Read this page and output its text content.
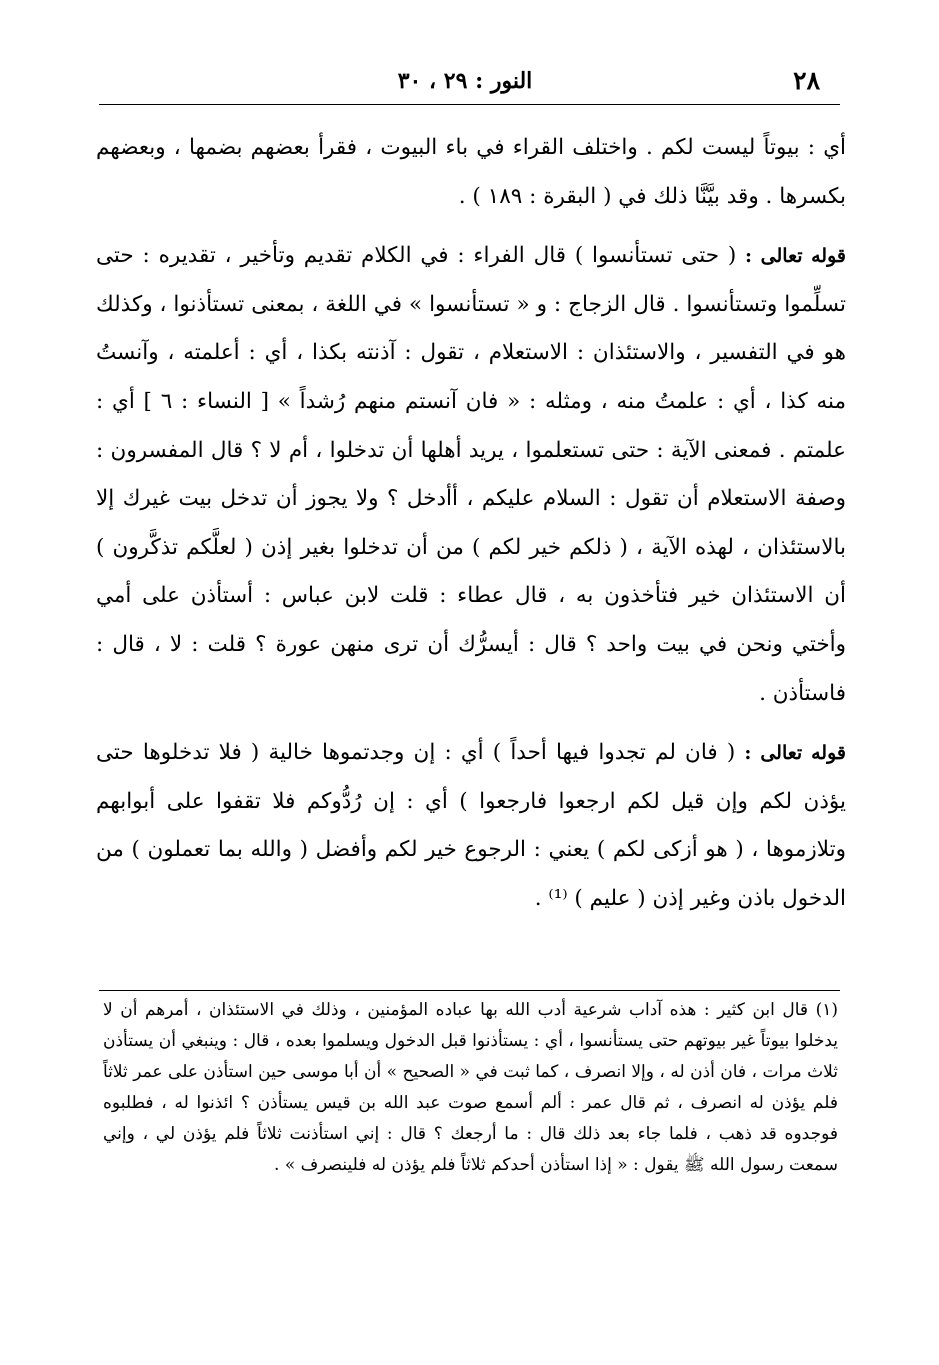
٢٨
النور : ٢٩ ، ٣٠

أي : بيوتاً ليست لكم . واختلف القراء في باء البيوت ، فقرأ بعضهم بضمها ، وبعضهم بكسرها . وقد بيَّنَّا ذلك في ( البقرة : ١٨٩ ) .

قوله تعالى : ( حتى تستأنسوا ) قال الفراء : في الكلام تقديم وتأخير ، تقديره : حتى تسلِّموا وتستأنسوا . قال الزجاج : و « تستأنسوا » في اللغة ، بمعنى تستأذنوا ، وكذلك هو في التفسير ، والاستئذان : الاستعلام ، تقول : آذنته بكذا ، أي : أعلمته ، وآنستُ منه كذا ، أي : علمتُ منه ، ومثله : « فان آنستم منهم رُشداً » [ النساء : ٦ ] أي : علمتم . فمعنى الآية : حتى تستعلموا ، يريد أهلها أن تدخلوا ، أم لا ؟ قال المفسرون : وصفة الاستعلام أن تقول : السلام عليكم ، أأدخل ؟ ولا يجوز أن تدخل بيت غيرك إلا بالاستئذان ، لهذه الآية ، ( ذلكم خير لكم ) من أن تدخلوا بغير إذن ( لعلَّكم تذكَّرون ) أن الاستئذان خير فتأخذون به ، قال عطاء : قلت لابن عباس : أستأذن على أمي وأختي ونحن في بيت واحد ؟ قال : أيسرُّك أن ترى منهن عورة ؟ قلت : لا ، قال : فاستأذن .

قوله تعالى : ( فان لم تجدوا فيها أحداً ) أي : إن وجدتموها خالية ( فلا تدخلوها حتى يؤذن لكم وإن قيل لكم ارجعوا فارجعوا ) أي : إن رُدُّوكم فلا تقفوا على أبوابهم وتلازموها ، ( هو أزكى لكم ) يعني : الرجوع خير لكم وأفضل ( والله بما تعملون ) من الدخول باذن وغير إذن ( عليم ) ⁽¹⁾ .

(١) قال ابن كثير : هذه آداب شرعية أدب الله بها عباده المؤمنين ، وذلك في الاستئذان ، أمرهم أن لا يدخلوا بيوتاً غير بيوتهم حتى يستأنسوا ، أي : يستأذنوا قبل الدخول ويسلموا بعده ، قال : وينبغي أن يستأذن ثلاث مرات ، فان أذن له ، وإلا انصرف ، كما ثبت في « الصحيح » أن أبا موسى حين استأذن على عمر ثلاثاً فلم يؤذن له انصرف ، ثم قال عمر : ألم أسمع صوت عبد الله بن قيس يستأذن ؟ ائذنوا له ، فطلبوه فوجدوه قد ذهب ، فلما جاء بعد ذلك قال : ما أرجعك ؟ قال : إني استأذنت ثلاثاً فلم يؤذن لي ، وإني سمعت رسول الله ﷺ يقول : « إذا استأذن أحدكم ثلاثاً فلم يؤذن له فلينصرف » .
